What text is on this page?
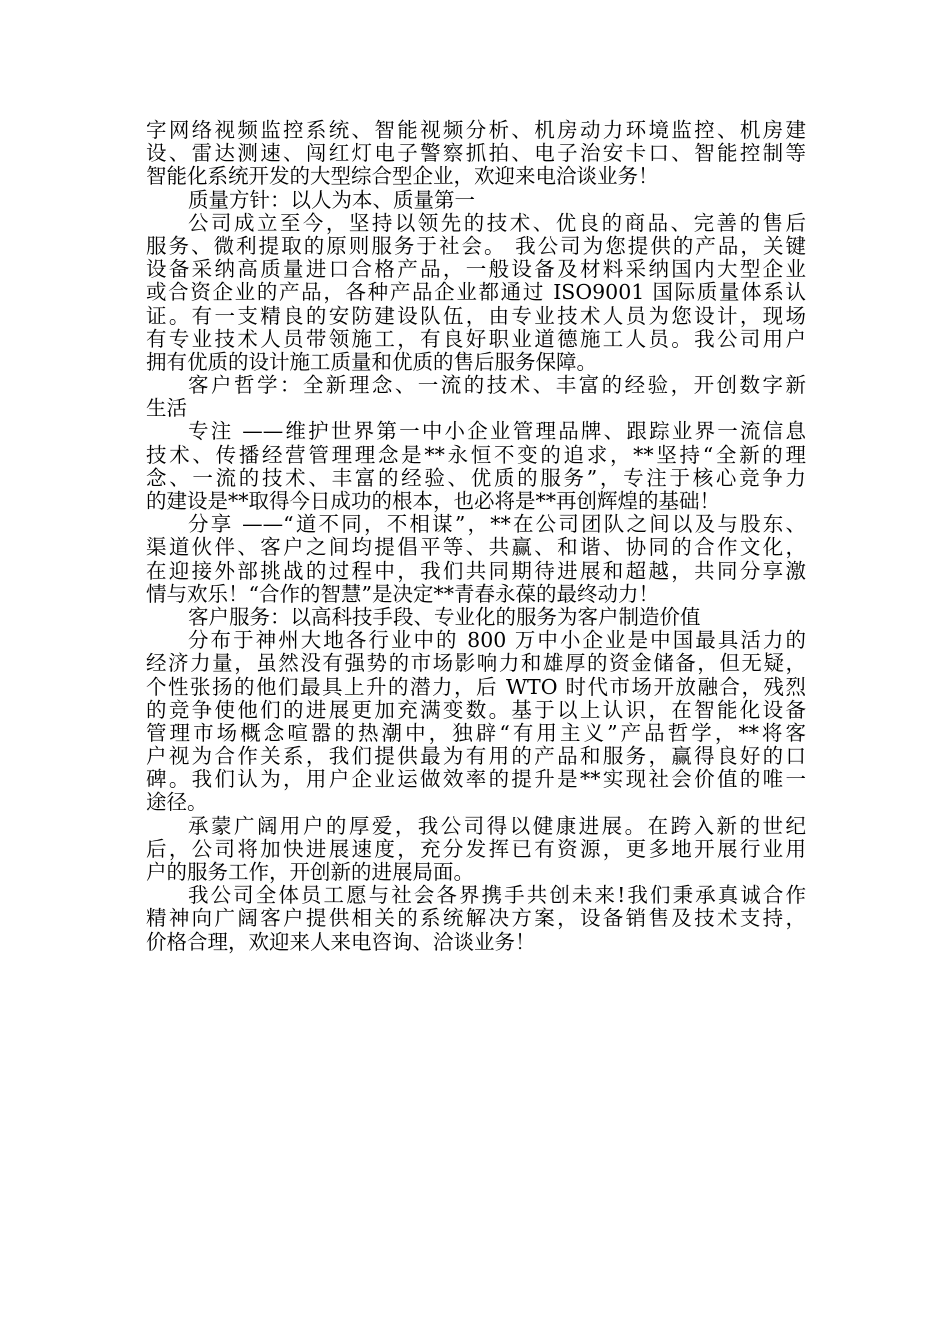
字网络视频监控系统、智能视频分析、机房动力环境监控、机房建
设、雷达测速、闯红灯电子警察抓拍、电子治安卡口、智能控制等
智能化系统开发的大型综合型企业，欢迎来电洽谈业务！
质量方针：以人为本、质量第一
公司成立至今，坚持以领先的技术、优良的商品、完善的售后
服务、微利提取的原则服务于社会。 我公司为您提供的产品，关键
设备采纳高质量进口合格产品，一般设备及材料采纳国内大型企业
或合资企业的产品，各种产品企业都通过 ISO9001 国际质量体系认
证。有一支精良的安防建设队伍，由专业技术人员为您设计，现场
有专业技术人员带领施工，有良好职业道德施工人员。我公司用户
拥有优质的设计施工质量和优质的售后服务保障。
客户哲学：全新理念、一流的技术、丰富的经验，开创数字新
生活
专注 ——维护世界第一中小企业管理品牌、跟踪业界一流信息
技术、传播经营管理理念是**永恒不变的追求，**坚持“全新的理
念、一流的技术、丰富的经验、优质的服务”，专注于核心竞争力
的建设是**取得今日成功的根本，也必将是**再创辉煌的基础！
分享 ——“道不同，不相谋”，**在公司团队之间以及与股东、
渠道伙伴、客户之间均提倡平等、共赢、和谐、协同的合作文化，
在迎接外部挑战的过程中，我们共同期待进展和超越，共同分享激
情与欢乐！“合作的智慧”是决定**青春永葆的最终动力！
客户服务：以高科技手段、专业化的服务为客户制造价值
分布于神州大地各行业中的 800 万中小企业是中国最具活力的
经济力量，虽然没有强势的市场影响力和雄厚的资金储备，但无疑，
个性张扬的他们最具上升的潜力，后 WTO 时代市场开放融合，残烈
的竞争使他们的进展更加充满变数。基于以上认识，在智能化设备
管理市场概念喧嚣的热潮中，独辟“有用主义”产品哲学，**将客
户视为合作关系，我们提供最为有用的产品和服务，赢得良好的口
碑。我们认为，用户企业运做效率的提升是**实现社会价值的唯一
途径。
承蒙广阔用户的厚爱，我公司得以健康进展。在跨入新的世纪
后，公司将加快进展速度，充分发挥已有资源，更多地开展行业用
户的服务工作，开创新的进展局面。
我公司全体员工愿与社会各界携手共创未来!我们秉承真诚合作
精神向广阔客户提供相关的系统解决方案，设备销售及技术支持，
价格合理，欢迎来人来电咨询、洽谈业务！
